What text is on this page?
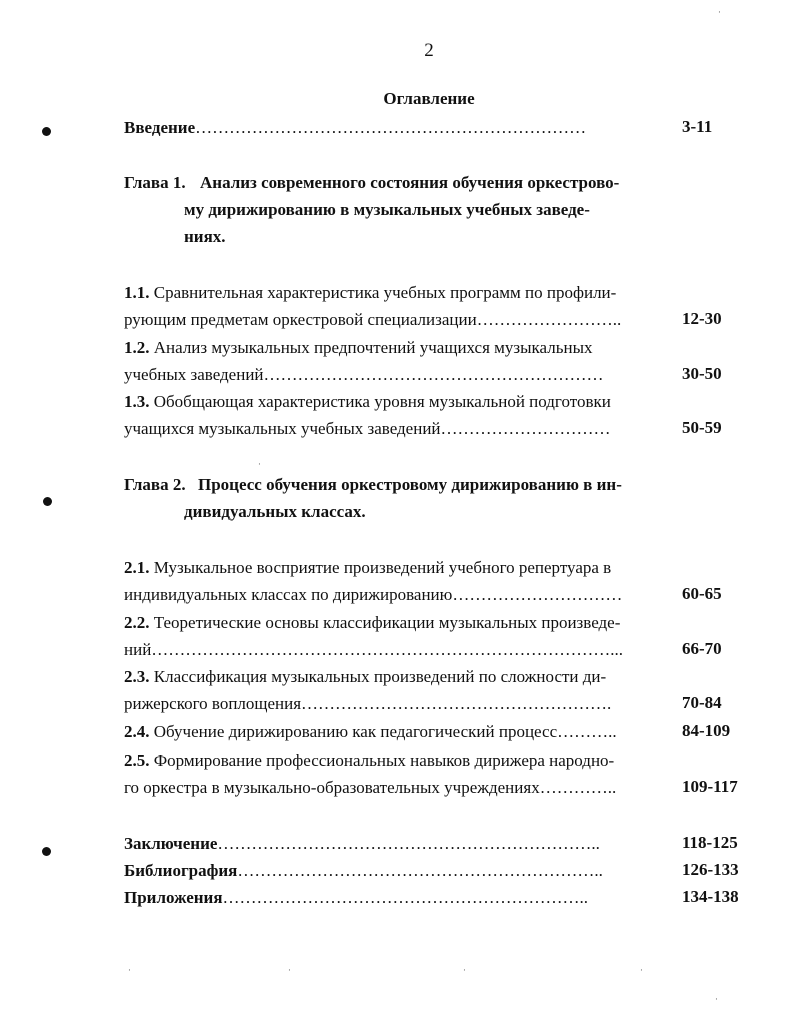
·
·
·	·	·	·
·
2
Оглавление
Введение……………………………………………………………	3-11
Глава 1. Анализ современного состояния обучения оркестрово-
му дирижированию в музыкальных учебных заведе-
ниях.
1.1. Сравнительная характеристика учебных программ по профили-
рующим предметам оркестровой специализации……………………..	12-30
1.2. Анализ музыкальных предпочтений учащихся музыкальных
учебных заведений……………………………………………………	30-50
1.3. Обобщающая характеристика уровня музыкальной подготовки
учащихся музыкальных учебных заведений…………………………	50-59
Глава 2. Процесс обучения оркестровому дирижированию в ин-
дивидуальных классах.
2.1. Музыкальное восприятие произведений учебного репертуара в
индивидуальных классах по дирижированию…………………………	60-65
2.2. Теоретические основы классификации музыкальных произведе-
ний………………………………………………………………………...	66-70
2.3. Классификация музыкальных произведений по сложности ди-
рижерского воплощения……………………………………………….	70-84
2.4. Обучение дирижированию как педагогический процесс………..	84-109
2.5. Формирование профессиональных навыков дирижера народно-
го оркестра в музыкально-образовательных учреждениях…………..	109-117
Заключение…………………………………………………………..	118-125
Библиография………………………………………………………..	126-133
Приложения………………………………………………………..	134-138
